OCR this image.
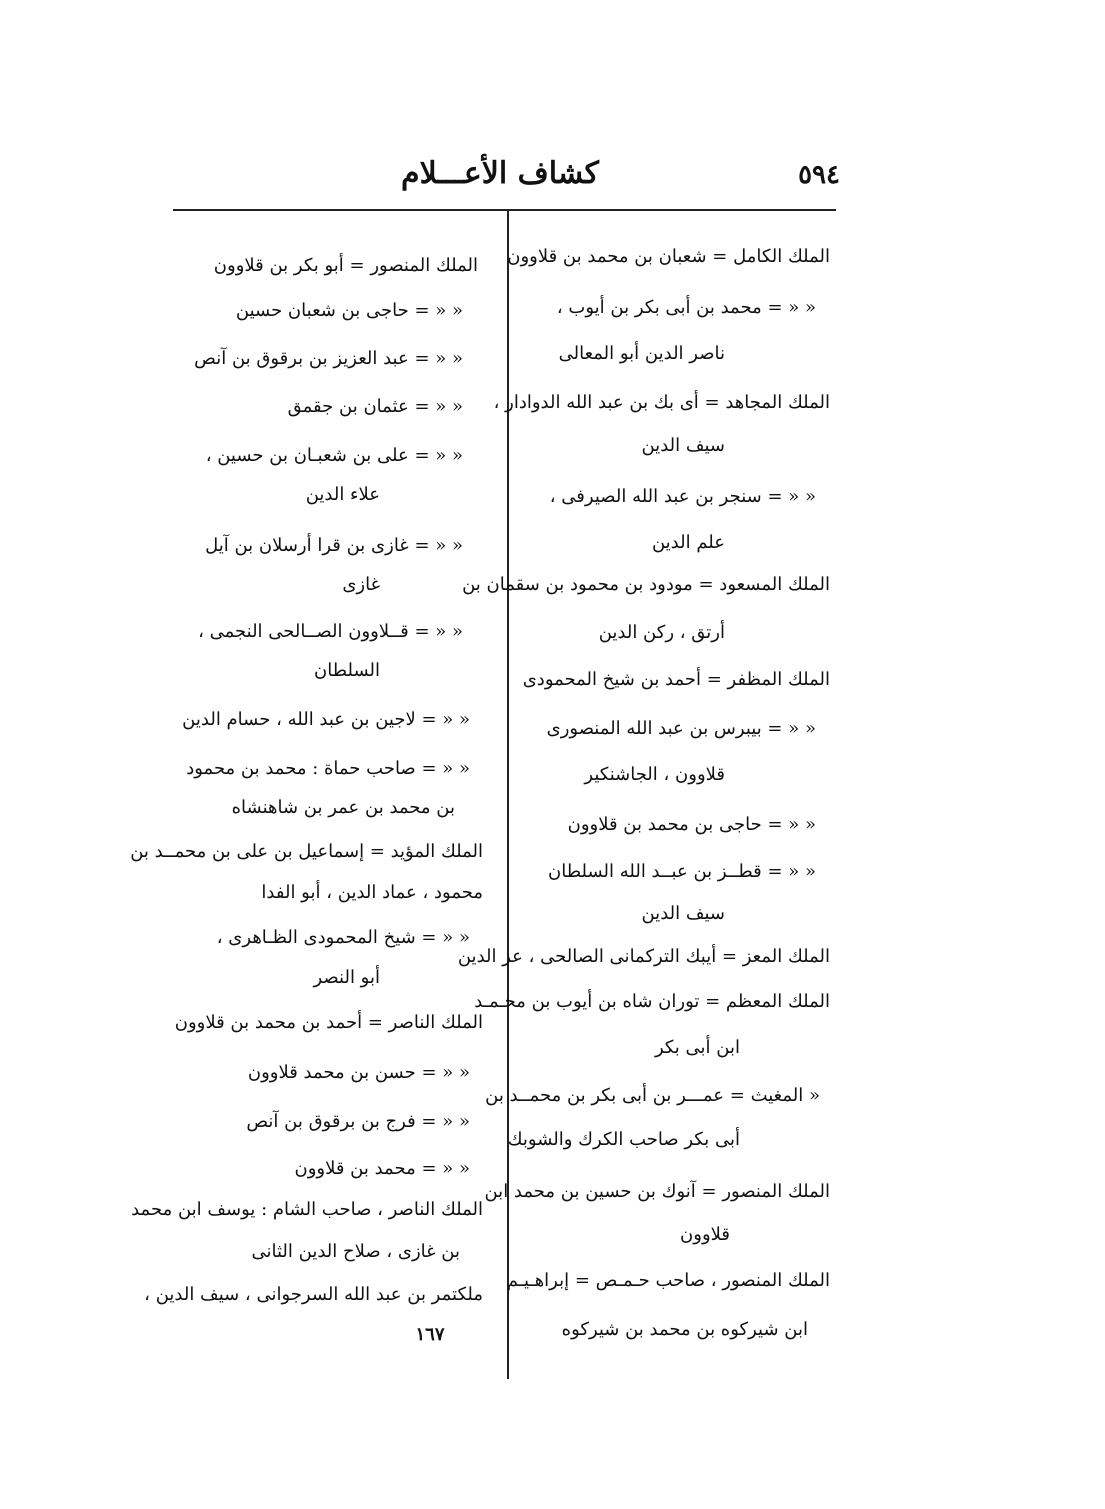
كشاف الأعـــلام	٥٩٤
الملك الكامل = شعبان بن محمد بن قلاوون
« « = محمد بن أبى بكر بن أيوب ،
ناصر الدين أبو المعالى
الملك المجاهد = أى بك بن عبد الله الدوادار ،
سيف الدين
« « = سنجر بن عبد الله الصيرفى ،
علم الدين
الملك المسعود = مودود بن محمود بن سقمان بن
أرتق ، ركن الدين
الملك المظفر = أحمد بن شيخ المحمودى
« « = بيبرس بن عبد الله المنصورى
قلاوون ، الجاشنكير
« « = حاجى بن محمد بن قلاوون
« « = قطــز بن عبــد الله السلطان
سيف الدين
الملك المعز = أيبك التركمانى الصالحى ، عز الدين
الملك المعظم = توران شاه بن أيوب بن محـمـد
ابن أبى بكر
« المغيث = عمـــر بن أبى بكر بن محمــد بن
أبى بكر صاحب الكرك والشوبك
الملك المنصور = آنوك بن حسين بن محمد ابن
قلاوون
الملك المنصور ، صاحب حـمـص = إبراهـيـم
ابن شيركوه بن محمد بن شيركوه
الملك المنصور = أبو بكر بن قلاوون
« « = حاجى بن شعبان حسين
« « = عبد العزيز بن برقوق بن آنص
« « = عثمان بن جقمق
« « = على بن شعبـان بن حسين ،
علاء الدين
« « = غازى بن قرا أرسلان بن آيل
غازى
« « = قــلاوون الصــالحى النجمى ،
السلطان
« « = لاجين بن عبد الله ، حسام الدين
« « = صاحب حماة : محمد بن محمود
بن محمد بن عمر بن شاهنشاه
الملك المؤيد = إسماعيل بن على بن محمــد بن
محمود ، عماد الدين ، أبو الفدا
« « = شيخ المحمودى الظـاهرى ،
أبو النصر
الملك الناصر = أحمد بن محمد بن قلاوون
« « = حسن بن محمد قلاوون
« « = فرج بن برقوق بن آنص
« « = محمد بن قلاوون
الملك الناصر ، صاحب الشام : يوسف ابن محمد
بن غازى ، صلاح الدين الثانى
ملكتمر بن عبد الله السرجوانى ، سيف الدين ،
١٦٧
